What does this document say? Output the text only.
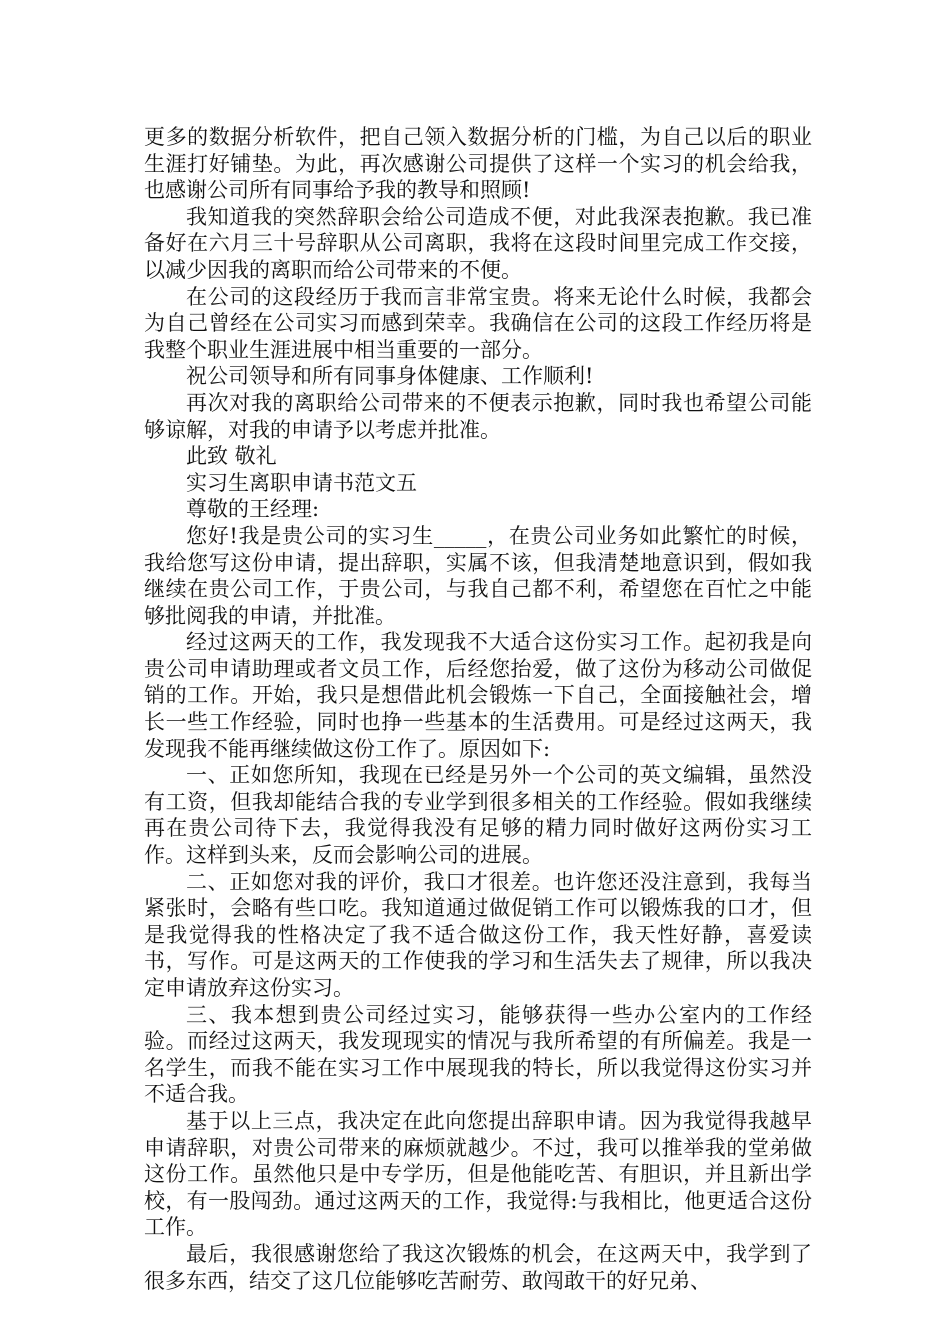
更多的数据分析软件，把自己领入数据分析的门槛，为自己以后的职业生涯打好铺垫。为此，再次感谢公司提供了这样一个实习的机会给我，也感谢公司所有同事给予我的教导和照顾!

我知道我的突然辞职会给公司造成不便，对此我深表抱歉。我已准备好在六月三十号辞职从公司离职，我将在这段时间里完成工作交接，以减少因我的离职而给公司带来的不便。

在公司的这段经历于我而言非常宝贵。将来无论什么时候，我都会为自己曾经在公司实习而感到荣幸。我确信在公司的这段工作经历将是我整个职业生涯进展中相当重要的一部分。

祝公司领导和所有同事身体健康、工作顺利!

再次对我的离职给公司带来的不便表示抱歉，同时我也希望公司能够谅解，对我的申请予以考虑并批准。

此致 敬礼

实习生离职申请书范文五

尊敬的王经理:

您好!我是贵公司的实习生_____，在贵公司业务如此繁忙的时候，我给您写这份申请，提出辞职，实属不该，但我清楚地意识到，假如我继续在贵公司工作，于贵公司，与我自己都不利，希望您在百忙之中能够批阅我的申请，并批准。

经过这两天的工作，我发现我不大适合这份实习工作。起初我是向贵公司申请助理或者文员工作，后经您抬爱，做了这份为移动公司做促销的工作。开始，我只是想借此机会锻炼一下自己，全面接触社会，增长一些工作经验，同时也挣一些基本的生活费用。可是经过这两天，我发现我不能再继续做这份工作了。原因如下:

一、正如您所知，我现在已经是另外一个公司的英文编辑，虽然没有工资，但我却能结合我的专业学到很多相关的工作经验。假如我继续再在贵公司待下去，我觉得我没有足够的精力同时做好这两份实习工作。这样到头来，反而会影响公司的进展。

二、正如您对我的评价，我口才很差。也许您还没注意到，我每当紧张时，会略有些口吃。我知道通过做促销工作可以锻炼我的口才，但是我觉得我的性格决定了我不适合做这份工作，我天性好静，喜爱读书，写作。可是这两天的工作使我的学习和生活失去了规律，所以我决定申请放弃这份实习。

三、我本想到贵公司经过实习，能够获得一些办公室内的工作经验。而经过这两天，我发现现实的情况与我所希望的有所偏差。我是一名学生，而我不能在实习工作中展现我的特长，所以我觉得这份实习并不适合我。

基于以上三点，我决定在此向您提出辞职申请。因为我觉得我越早申请辞职，对贵公司带来的麻烦就越少。不过，我可以推举我的堂弟做这份工作。虽然他只是中专学历，但是他能吃苦、有胆识，并且新出学校，有一股闯劲。通过这两天的工作，我觉得:与我相比，他更适合这份工作。

最后，我很感谢您给了我这次锻炼的机会，在这两天中，我学到了很多东西，结交了这几位能够吃苦耐劳、敢闯敢干的好兄弟、
